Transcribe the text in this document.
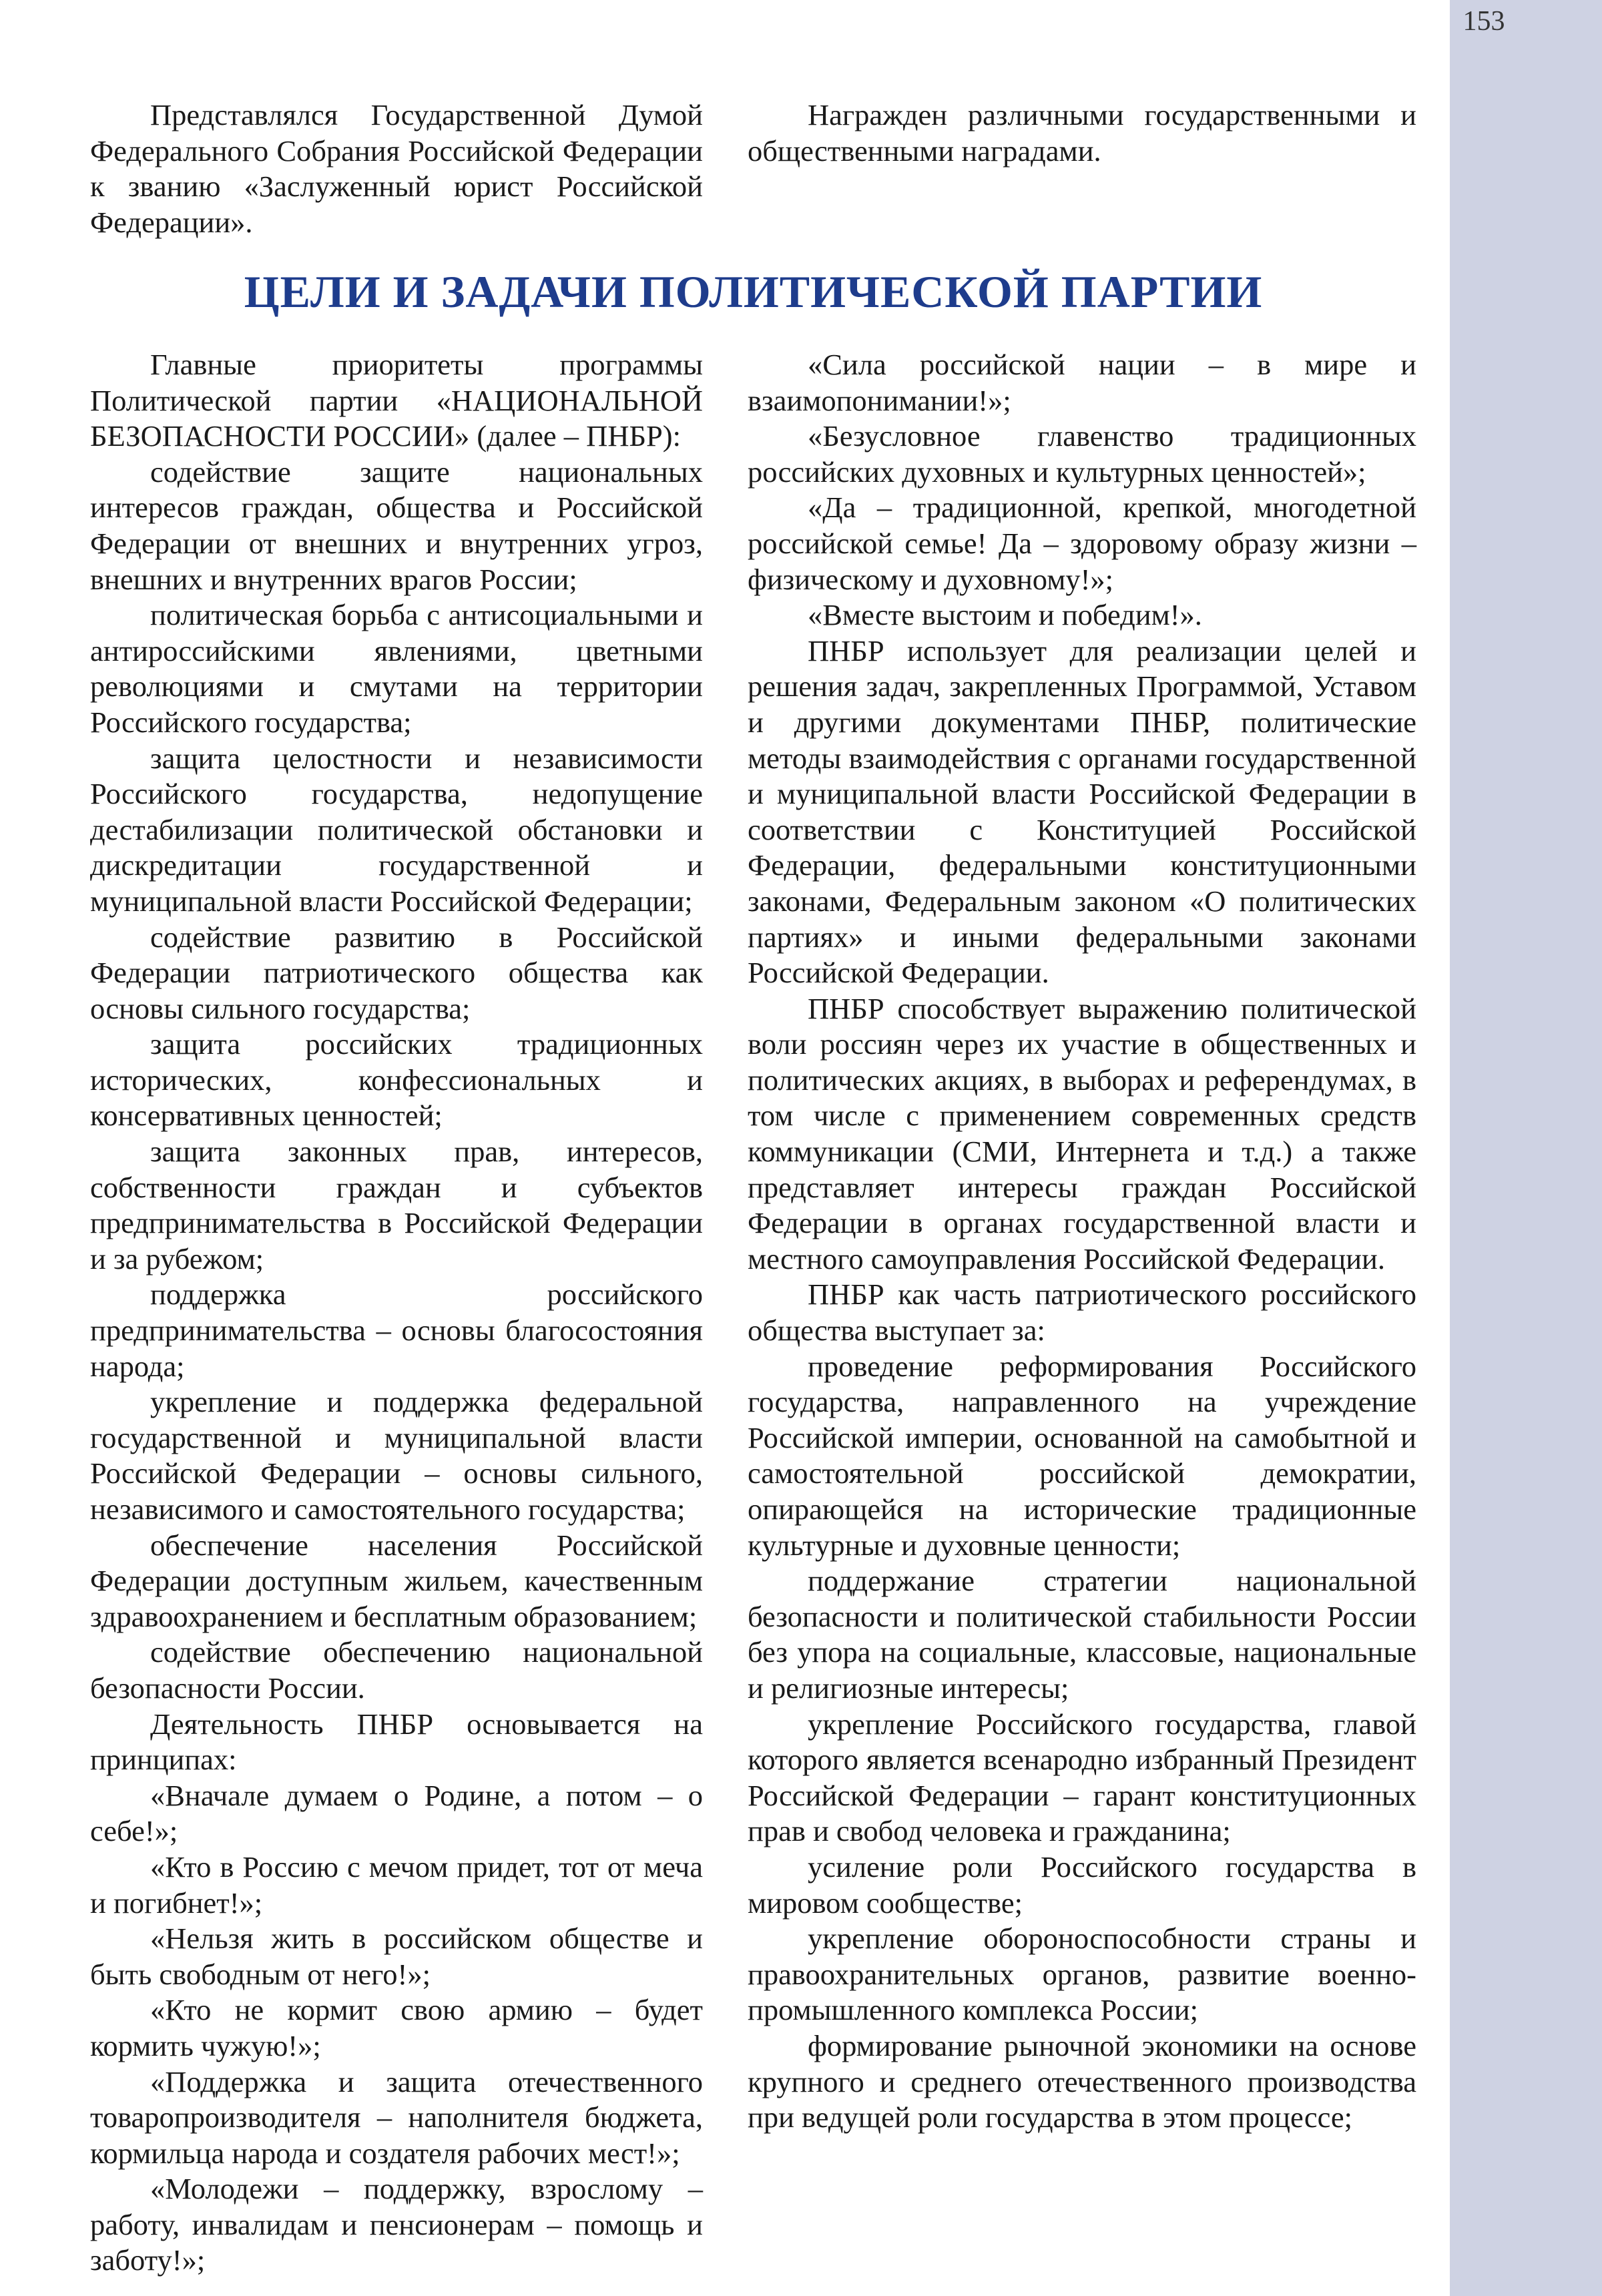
153

Представлялся Государственной Думой Федерального Собрания Российской Федерации к званию «Заслуженный юрист Российской Федерации».

Награжден различными государственными и общественными наградами.

ЦЕЛИ И ЗАДАЧИ ПОЛИТИЧЕСКОЙ ПАРТИИ

Главные приоритеты программы Политической партии «НАЦИОНАЛЬНОЙ БЕЗОПАСНОСТИ РОССИИ» (далее – ПНБР):

содействие защите национальных интересов граждан, общества и Российской Федерации от внешних и внутренних угроз, внешних и внутренних врагов России;

политическая борьба с антисоциальными и антироссийскими явлениями, цветными революциями и смутами на территории Российского государства;

защита целостности и независимости Российского государства, недопущение дестабилизации политической обстановки и дискредитации государственной и муниципальной власти Российской Федерации;

содействие развитию в Российской Федерации патриотического общества как основы сильного государства;

защита российских традиционных исторических, конфессиональных и консервативных ценностей;

защита законных прав, интересов, собственности граждан и субъектов предпринимательства в Российской Федерации и за рубежом;

поддержка российского предпринимательства – основы благосостояния народа;

укрепление и поддержка федеральной государственной и муниципальной власти Российской Федерации – основы сильного, независимого и самостоятельного государства;

обеспечение населения Российской Федерации доступным жильем, качественным здравоохранением и бесплатным образованием;

содействие обеспечению национальной безопасности России.

Деятельность ПНБР основывается на принципах:

«Вначале думаем о Родине, а потом – о себе!»;

«Кто в Россию с мечом придет, тот от меча и погибнет!»;

«Нельзя жить в российском обществе и быть свободным от него!»;

«Кто не кормит свою армию – будет кормить чужую!»;

«Поддержка и защита отечественного товаропроизводителя – наполнителя бюджета, кормильца народа и создателя рабочих мест!»;

«Молодежи – поддержку, взрослому – работу, инвалидам и пенсионерам – помощь и заботу!»;

«Сила российской нации – в мире и взаимопонимании!»;

«Безусловное главенство традиционных российских духовных и культурных ценностей»;

«Да – традиционной, крепкой, многодетной российской семье! Да – здоровому образу жизни – физическому и духовному!»;

«Вместе выстоим и победим!».

ПНБР использует для реализации целей и решения задач, закрепленных Программой, Уставом и другими документами ПНБР, политические методы взаимодействия с органами государственной и муниципальной власти Российской Федерации в соответствии с Конституцией Российской Федерации, федеральными конституционными законами, Федеральным законом «О политических партиях» и иными федеральными законами Российской Федерации.

ПНБР способствует выражению политической воли россиян через их участие в общественных и политических акциях, в выборах и референдумах, в том числе с применением современных средств коммуникации (СМИ, Интернета и т.д.) а также представляет интересы граждан Российской Федерации в органах государственной власти и местного самоуправления Российской Федерации.

ПНБР как часть патриотического российского общества выступает за:

проведение реформирования Российского государства, направленного на учреждение Российской империи, основанной на самобытной и самостоятельной российской демократии, опирающейся на исторические традиционные культурные и духовные ценности;

поддержание стратегии национальной безопасности и политической стабильности России без упора на социальные, классовые, национальные и религиозные интересы;

укрепление Российского государства, главой которого является всенародно избранный Президент Российской Федерации – гарант конституционных прав и свобод человека и гражданина;

усиление роли Российского государства в мировом сообществе;

укрепление обороноспособности страны и правоохранительных органов, развитие военно-промышленного комплекса России;

формирование рыночной экономики на основе крупного и среднего отечественного производства при ведущей роли государства в этом процессе;
